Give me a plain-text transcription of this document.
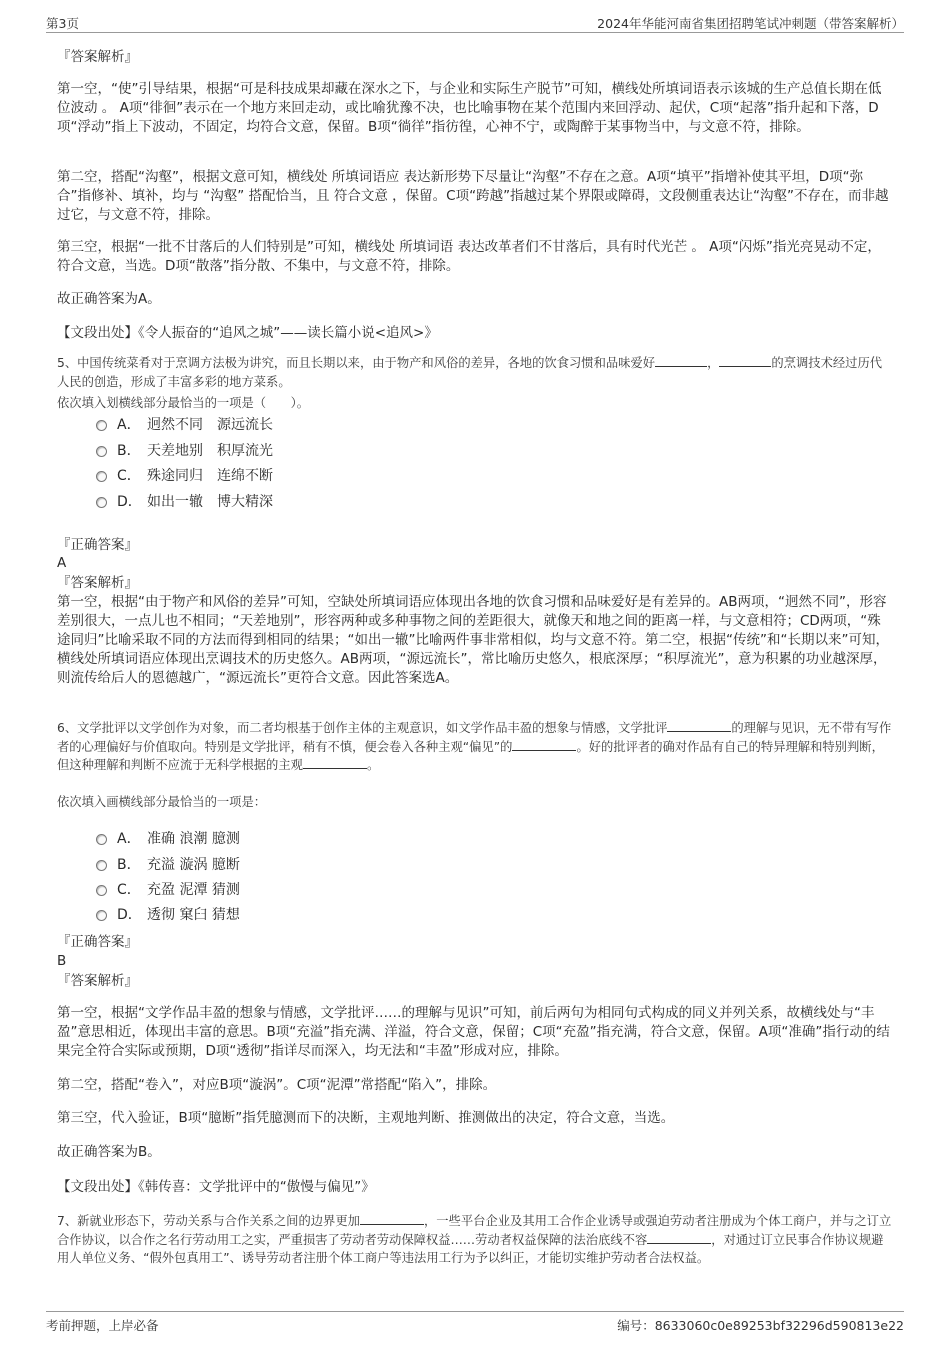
第3页	2024年华能河南省集团招聘笔试冲刺题（带答案解析）
『答案解析』
第一空，“使”引导结果，根据“可是科技成果却藏在深水之下，与企业和实际生产脱节”可知，横线处所填词语表示该城的生产总值长期在低位波动 。 A项“徘徊”表示在一个地方来回走动，或比喻犹豫不决，也比喻事物在某个范围内来回浮动、起伏，C项“起落”指升起和下落，D项“浮动”指上下波动，不固定，均符合文意，保留。B项“徜徉”指彷徨，心神不宁，或陶醉于某事物当中，与文意不符，排除。
第二空，搭配“沟壑”，根据文意可知，横线处 所填词语应 表达新形势下尽量让“沟壑”不存在之意。A项“填平”指增补使其平坦，D项“弥合”指修补、填补，均与 “沟壑” 搭配恰当，且 符合文意 ，保留。C项“跨越”指越过某个界限或障碍，文段侧重表达让“沟壑”不存在，而非越过它，与文意不符，排除。
第三空，根据“一批不甘落后的人们特别是”可知，横线处 所填词语 表达改革者们不甘落后，具有时代光芒 。 A项“闪烁”指光亮晃动不定，符合文意，当选。D项“散落”指分散、不集中，与文意不符，排除。
故正确答案为A。
【文段出处】《令人振奋的“追风之城”——读长篇小说<追风>》
5、中国传统菜肴对于烹调方法极为讲究，而且长期以来，由于物产和风俗的差异，各地的饮食习惯和品味爱好	，	的烹调技术经过历代人民的创造，形成了丰富多彩的地方菜系。
依次填入划横线部分最恰当的一项是（　　）。
A． 迥然不同　源远流长
B． 天差地别　积厚流光
C． 殊途同归　连绵不断
D． 如出一辙　博大精深
『正确答案』
A
『答案解析』
第一空，根据“由于物产和风俗的差异”可知，空缺处所填词语应体现出各地的饮食习惯和品味爱好是有差异的。AB两项，“迥然不同”，形容差别很大，一点儿也不相同；“天差地别”，形容两种或多种事物之间的差距很大，就像天和地之间的距离一样，与文意相符；CD两项，“殊途同归”比喻采取不同的方法而得到相同的结果；“如出一辙”比喻两件事非常相似，均与文意不符。第二空，根据“传统”和“长期以来”可知，横线处所填词语应体现出烹调技术的历史悠久。AB两项，“源远流长”，常比喻历史悠久，根底深厚；“积厚流光”，意为积累的功业越深厚，则流传给后人的恩德越广，“源远流长”更符合文意。因此答案选A。
6、文学批评以文学创作为对象，而二者均根基于创作主体的主观意识，如文学作品丰盈的想象与情感，文学批评	的理解与见识，无不带有写作者的心理偏好与价值取向。特别是文学批评，稍有不慎，便会卷入各种主观“偏见”的	。好的批评者的确对作品有自己的特异理解和特别判断，但这种理解和判断不应流于无科学根据的主观	。
依次填入画横线部分最恰当的一项是：
A． 准确 浪潮 臆测
B． 充溢 漩涡 臆断
C． 充盈 泥潭 猜测
D． 透彻 窠臼 猜想
『正确答案』
B
『答案解析』
第一空，根据“文学作品丰盈的想象与情感，文学批评……的理解与见识”可知，前后两句为相同句式构成的同义并列关系，故横线处与“丰盈”意思相近，体现出丰富的意思。B项“充溢”指充满、洋溢，符合文意，保留；C项“充盈”指充满，符合文意，保留。A项“准确”指行动的结果完全符合实际或预期，D项“透彻”指详尽而深入，均无法和“丰盈”形成对应，排除。
第二空，搭配“卷入”，对应B项“漩涡”。C项“泥潭”常搭配“陷入”，排除。
第三空，代入验证，B项“臆断”指凭臆测而下的决断，主观地判断、推测做出的决定，符合文意，当选。
故正确答案为B。
【文段出处】《韩传喜：文学批评中的“傲慢与偏见”》
7、新就业形态下，劳动关系与合作关系之间的边界更加	，一些平台企业及其用工合作企业诱导或强迫劳动者注册成为个体工商户，并与之订立合作协议，以合作之名行劳动用工之实，严重损害了劳动者劳动保障权益……劳动者权益保障的法治底线不容	，对通过订立民事合作协议规避用人单位义务、“假外包真用工”、诱导劳动者注册个体工商户等违法用工行为予以纠正，才能切实维护劳动者合法权益。
考前押题，上岸必备	编号：8633060c0e89253bf32296d590813e22
